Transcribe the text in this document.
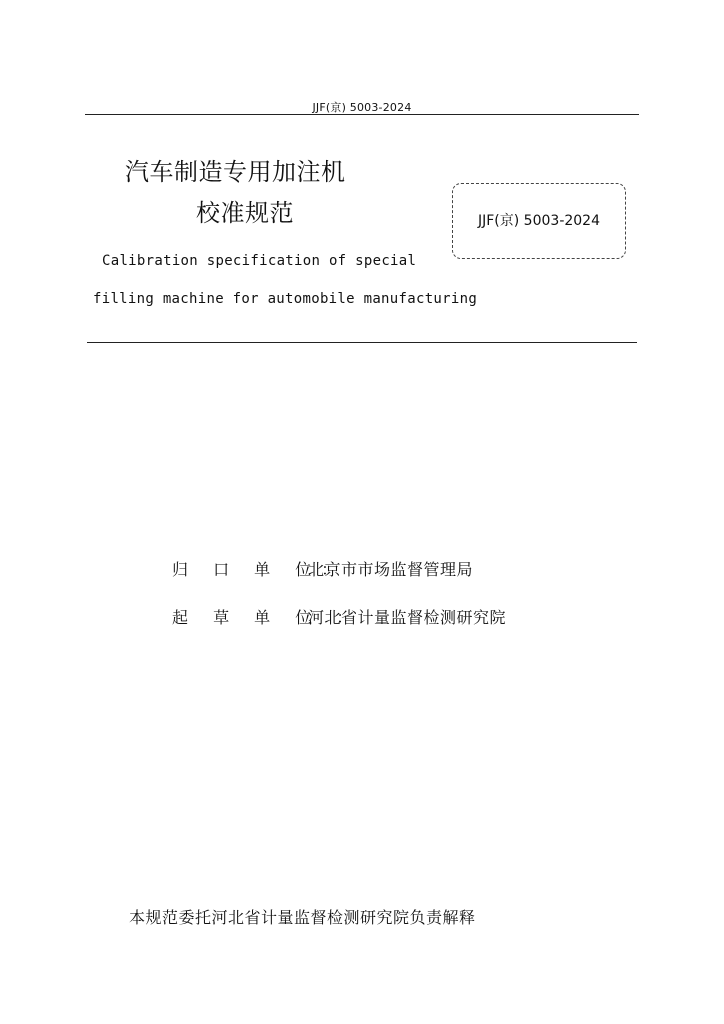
JJF(京) 5003-2024
汽车制造专用加注机
校准规范	JJF(京) 5003-2024
Calibration specification of special
filling machine for automobile manufacturing
归 口 单 位：
北京市市场监督管理局
起 草 单 位 ：
河北省计量监督检测研究院
本规范委托河北省计量监督检测研究院负责解释
